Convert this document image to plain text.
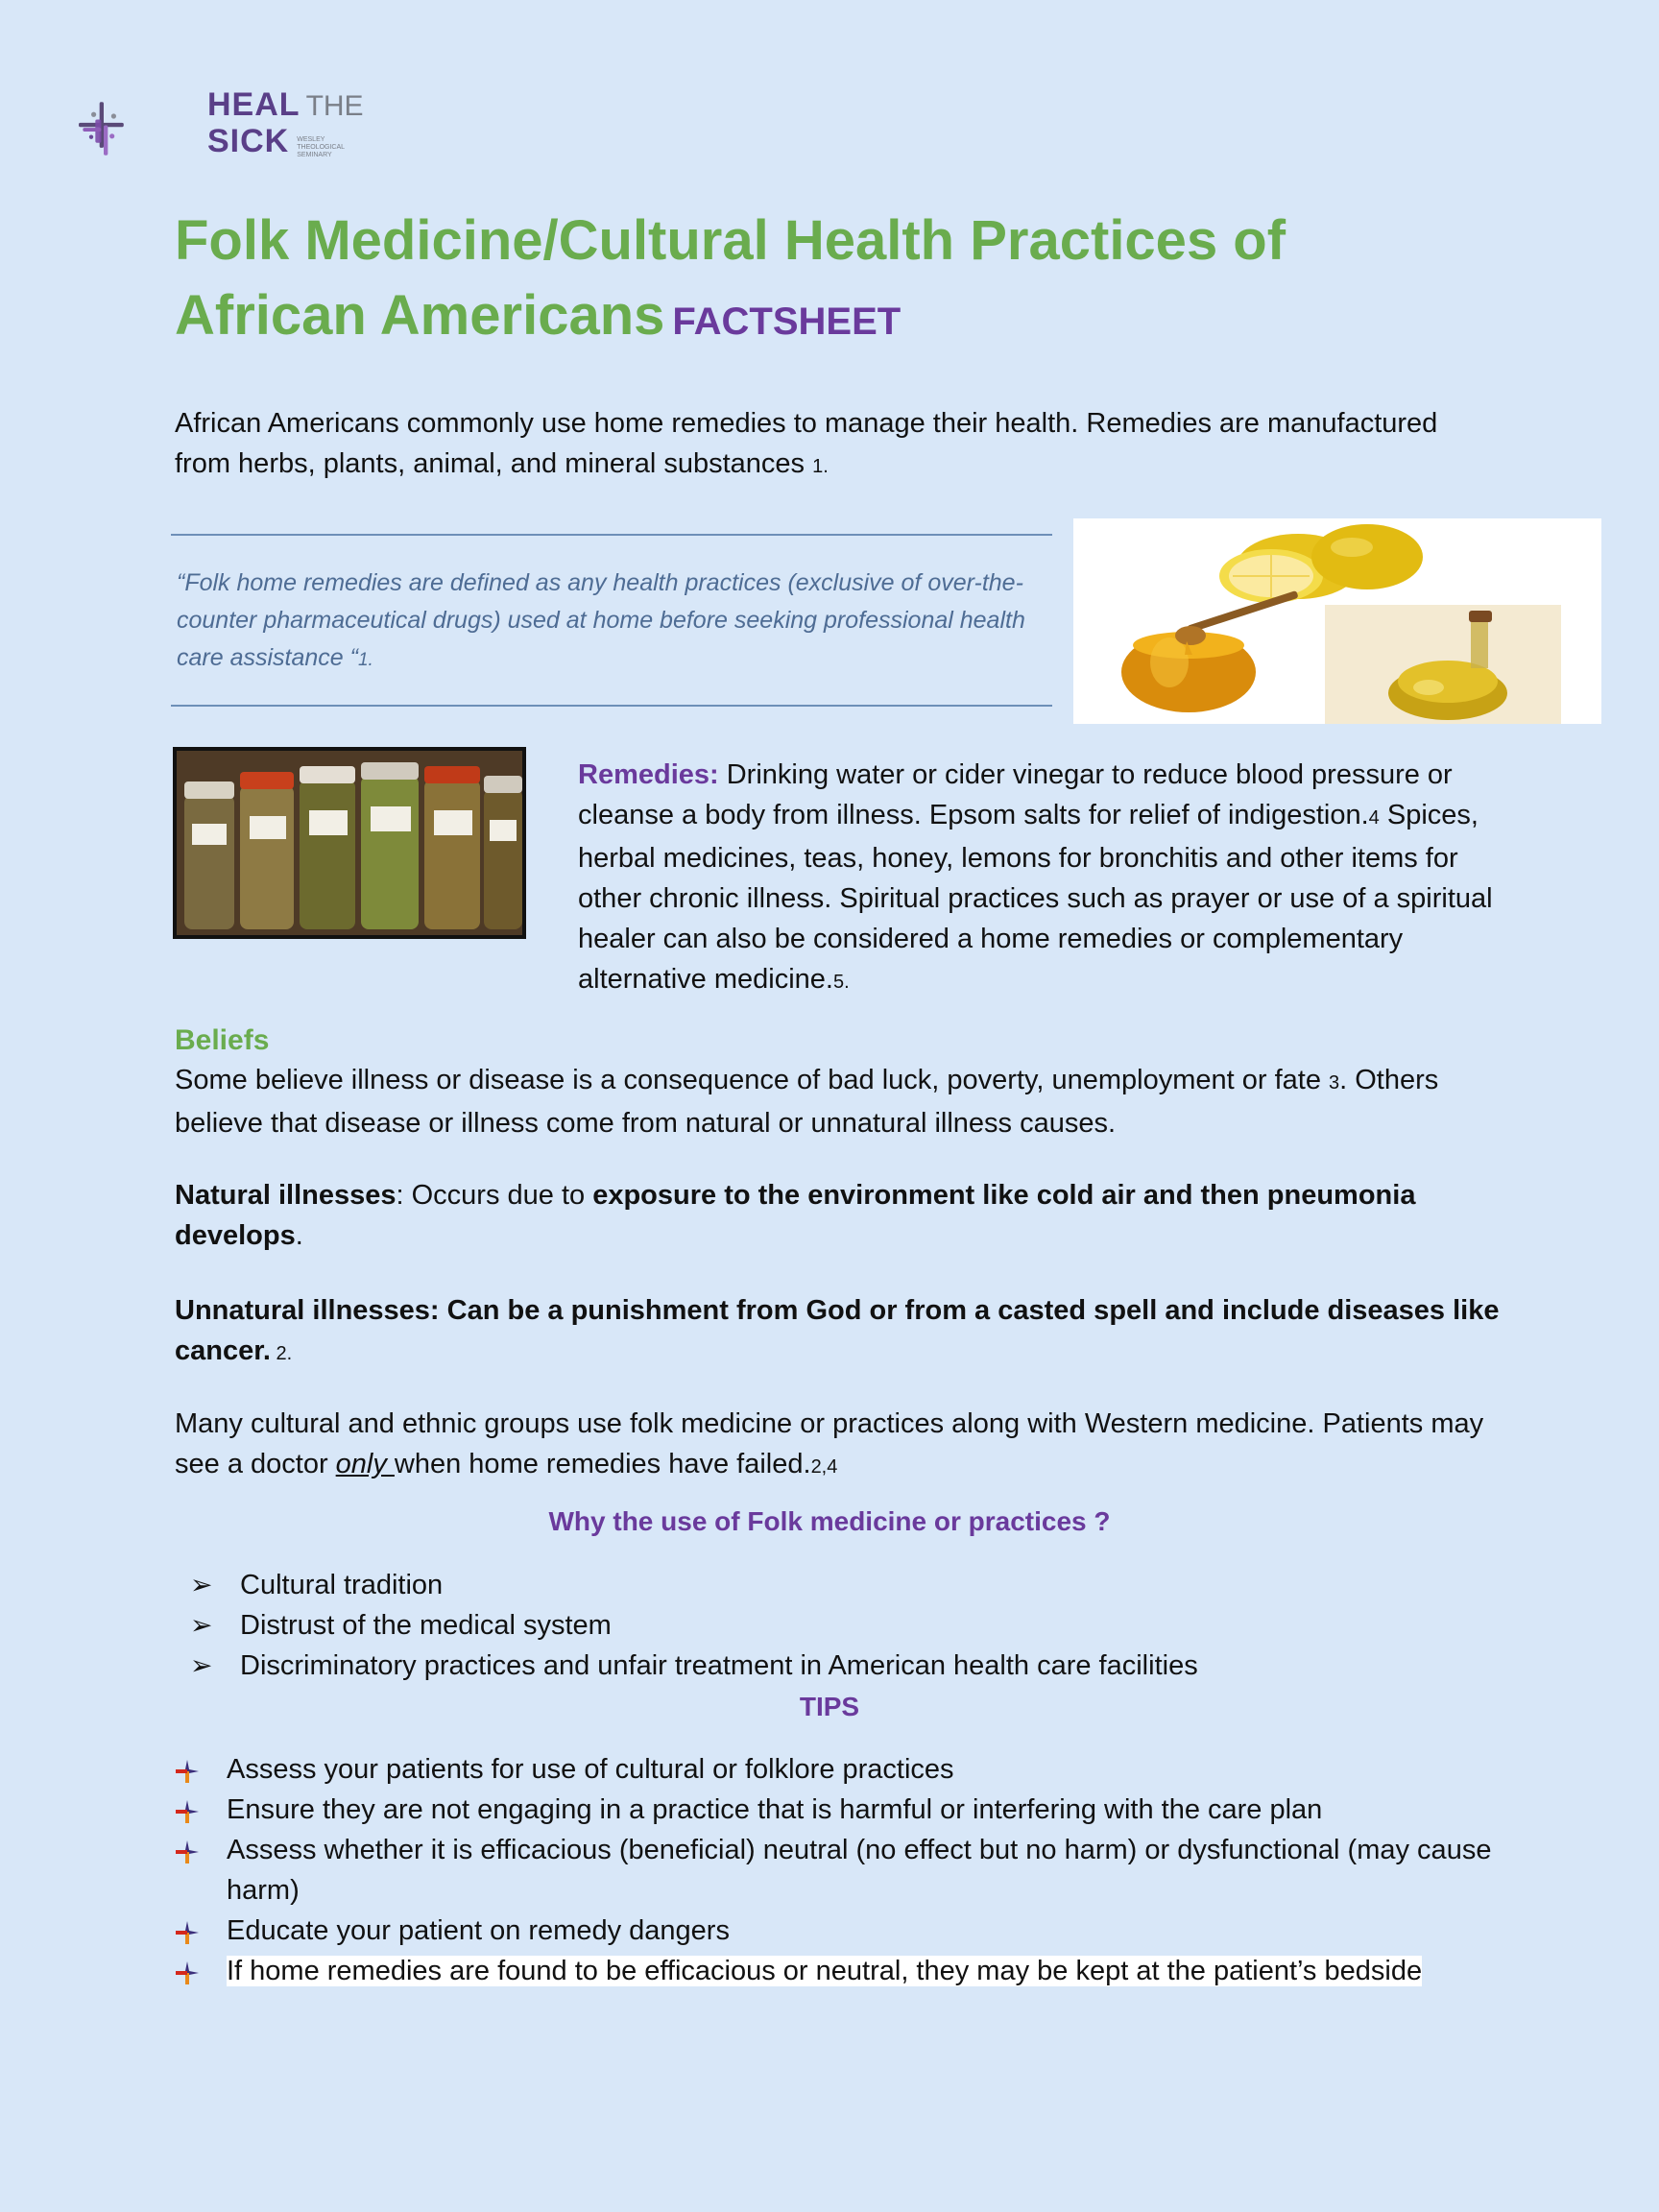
HEAL THE
SICK WESLEY THEOLOGICAL SEMINARY
Folk Medicine/Cultural Health Practices of
African Americans FACTSHEET
African Americans commonly use home remedies to manage their health. Remedies are manufactured from herbs, plants, animal, and mineral substances 1.
“Folk home remedies are defined as any health practices (exclusive of over-the-counter pharmaceutical drugs) used at home before seeking professional health care assistance “1.
Remedies: Drinking water or cider vinegar to reduce blood pressure or cleanse a body from illness. Epsom salts for relief of indigestion.4 Spices, herbal medicines, teas, honey, lemons for bronchitis and other items for other chronic illness. Spiritual practices such as prayer or use of a spiritual healer can also be considered a home remedies or complementary alternative medicine.5.
Beliefs
Some believe illness or disease is a consequence of bad luck, poverty, unemployment or fate 3. Others believe that disease or illness come from natural or unnatural illness causes.
Natural illnesses: Occurs due to exposure to the environment like cold air and then pneumonia develops.
Unnatural illnesses: Can be a punishment from God or from a casted spell and include diseases like cancer. 2.
Many cultural and ethnic groups use folk medicine or practices along with Western medicine. Patients may see a doctor only when home remedies have failed.2,4
Why the use of Folk medicine or practices ?
➢ Cultural tradition
➢ Distrust of the medical system
➢ Discriminatory practices and unfair treatment in American health care facilities
TIPS
Assess your patients for use of cultural or folklore practices
Ensure they are not engaging in a practice that is harmful or interfering with the care plan
Assess whether it is efficacious (beneficial) neutral (no effect but no harm) or dysfunctional (may cause harm)
Educate your patient on remedy dangers
If home remedies are found to be efficacious or neutral, they may be kept at the patient’s bedside
